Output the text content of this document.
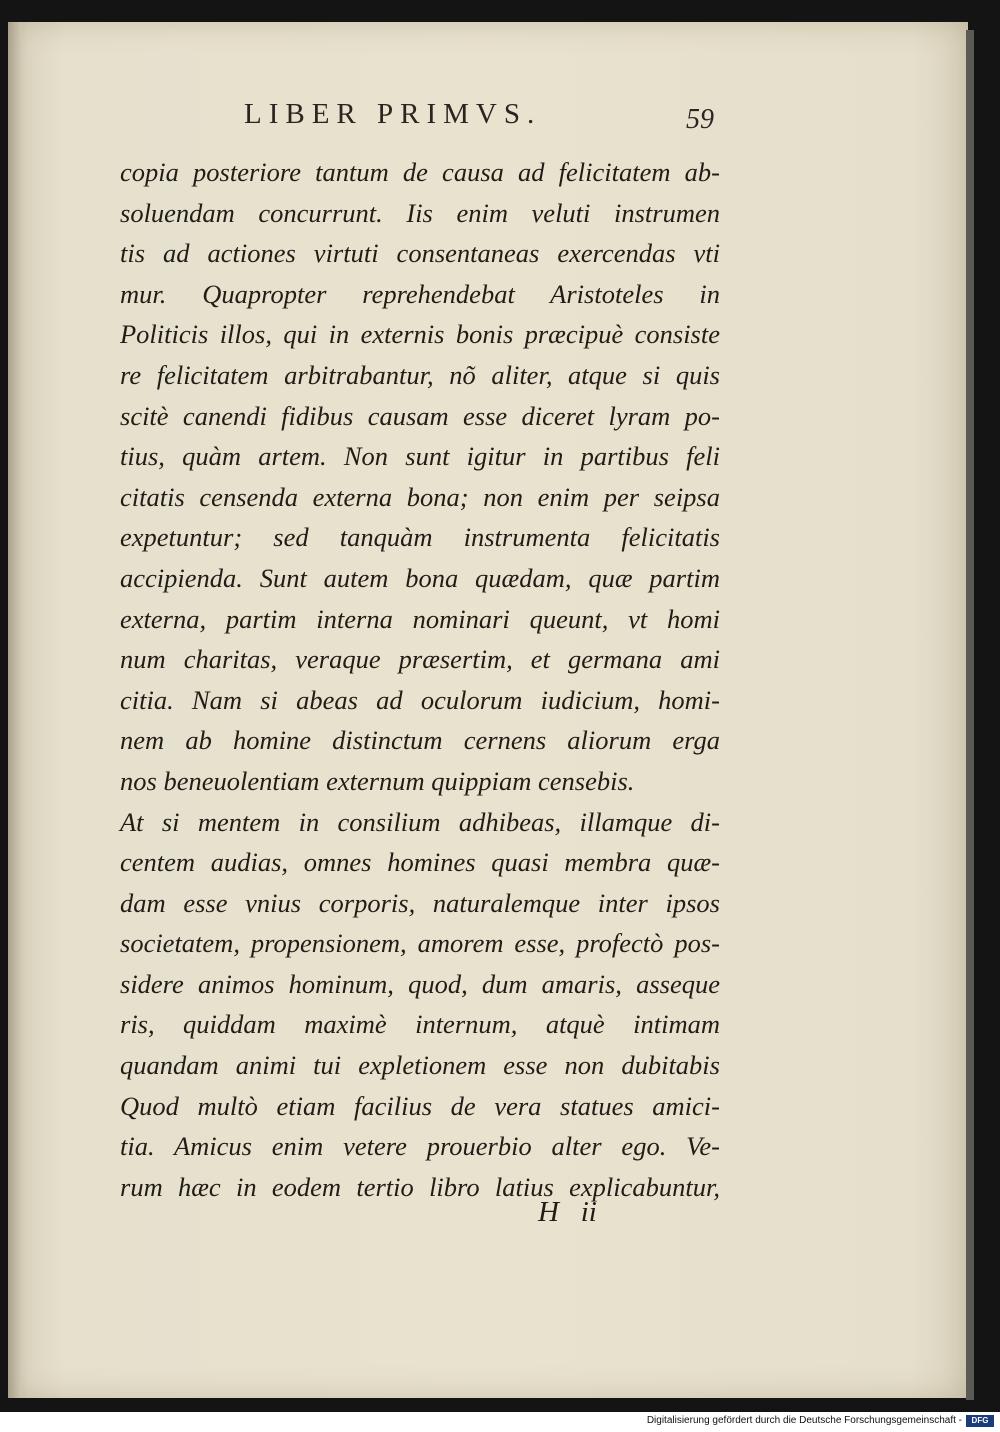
LIBER PRIMVS.	59
copia posteriore tantum de causa ad felicitatem ab-
soluendam concurrunt. Iis enim veluti instrumen
tis ad actiones virtuti consentaneas exercendas vti
mur. Quapropter reprehendebat Aristoteles in
Politicis illos, qui in externis bonis præcipuè consiste
re felicitatem arbitrabantur, nõ aliter, atque si quis
scitè canendi fidibus causam esse diceret lyram po-
tius, quàm artem. Non sunt igitur in partibus feli
citatis censenda externa bona; non enim per seipsa
expetuntur; sed tanquàm instrumenta felicitatis
accipienda. Sunt autem bona quædam, quæ partim
externa, partim interna nominari queunt, vt homi
num charitas, veraque præsertim, et germana ami
citia. Nam si abeas ad oculorum iudicium, homi-
nem ab homine distinctum cernens aliorum erga
nos beneuolentiam externum quippiam censebis.
At si mentem in consilium adhibeas, illamque di-
centem audias, omnes homines quasi membra quæ-
dam esse vnius corporis, naturalemque inter ipsos
societatem, propensionem, amorem esse, profectò pos-
sidere animos hominum, quod, dum amaris, asseque
ris, quiddam maximè internum, atquè intimam
quandam animi tui expletionem esse non dubitabis
Quod multò etiam facilius de vera statues amici-
tia. Amicus enim vetere prouerbio alter ego. Ve-
rum hæc in eodem tertio libro latius explicabuntur,
H   ii
Digitalisierung gefördert durch die Deutsche Forschungsgemeinschaft -	DFG
